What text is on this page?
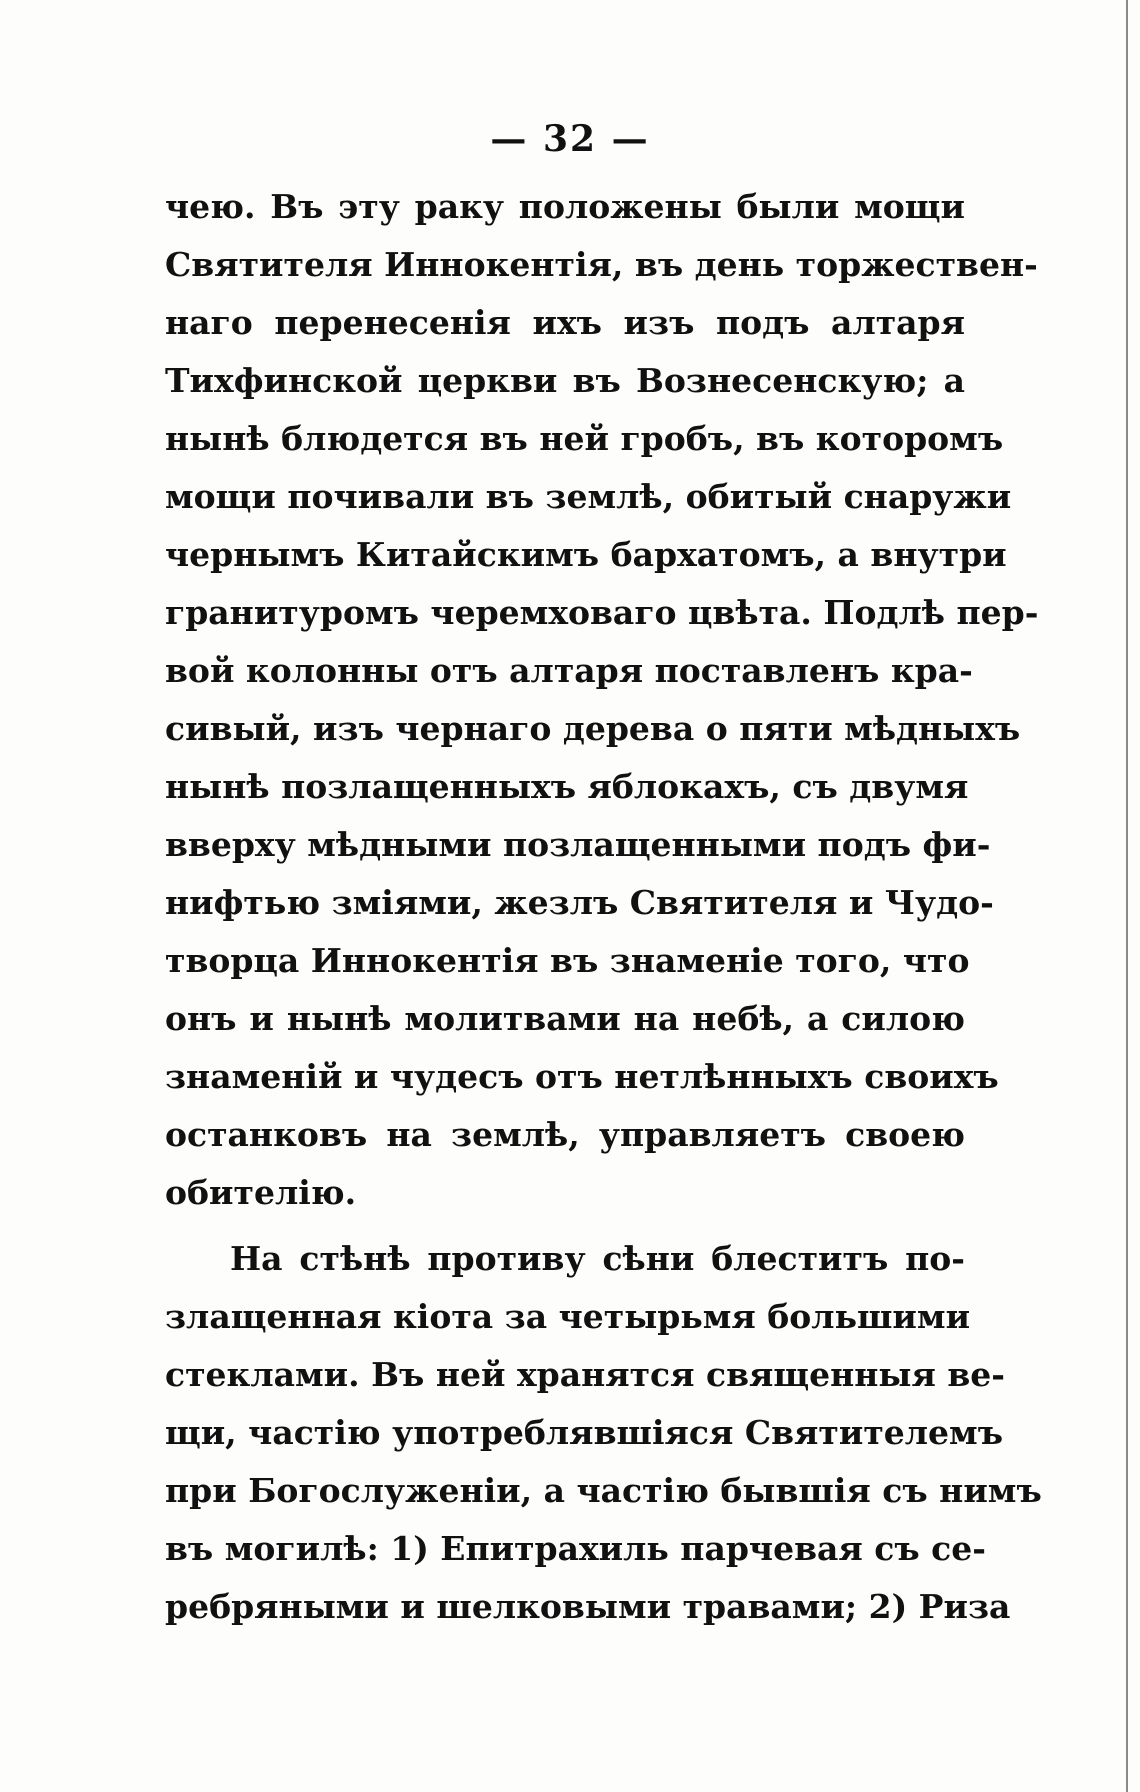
— 32 —
чею. Въ эту раку положены были мощи
Святителя Иннокентія, въ день торжествен-
наго перенесенія ихъ изъ подъ алтаря
Тихфинской церкви въ Вознесенскую; а
нынѣ блюдется въ ней гробъ, въ которомъ
мощи почивали въ землѣ, обитый снаружи
чернымъ Китайскимъ бархатомъ, а внутри
гранитуромъ черемховаго цвѣта. Подлѣ пер-
вой колонны отъ алтаря поставленъ кра-
сивый, изъ чернаго дерева о пяти мѣдныхъ
нынѣ позлащенныхъ яблокахъ, съ двумя
вверху мѣдными позлащенными подъ фи-
нифтью зміями, жезлъ Святителя и Чудо-
творца Иннокентія въ знаменіе того, что
онъ и нынѣ молитвами на небѣ, а силою
знаменій и чудесъ отъ нетлѣнныхъ своихъ
останковъ на землѣ, управляетъ своею
обителію.
На стѣнѣ противу сѣни блеститъ по-
злащенная кіота за четырьмя большими
стеклами. Въ ней хранятся священныя ве-
щи, частію употреблявшіяся Святителемъ
при Богослуженіи, а частію бывшія съ нимъ
въ могилѣ: 1) Епитрахиль парчевая съ се-
ребряными и шелковыми травами; 2) Риза
